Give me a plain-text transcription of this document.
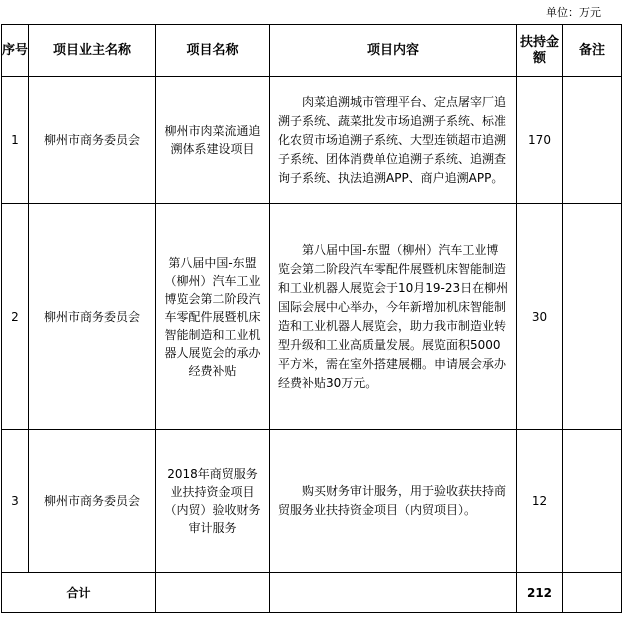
单位：万元
序号	项目业主名称	项目名称	项目内容	扶持金额	备注
1	柳州市商务委员会	柳州市肉菜流通追溯体系建设项目	肉菜追溯城市管理平台、定点屠宰厂追溯子系统、蔬菜批发市场追溯子系统、标准化农贸市场追溯子系统、大型连锁超市追溯子系统、团体消费单位追溯子系统、追溯查询子系统、执法追溯APP、商户追溯APP。	170	
2	柳州市商务委员会	第八届中国-东盟（柳州）汽车工业博览会第二阶段汽车零配件展暨机床智能制造和工业机器人展览会的承办经费补贴	第八届中国-东盟（柳州）汽车工业博览会第二阶段汽车零配件展暨机床智能制造和工业机器人展览会于10月19-23日在柳州国际会展中心举办，今年新增加机床智能制造和工业机器人展览会，助力我市制造业转型升级和工业高质量发展。展览面积5000平方米，需在室外搭建展棚。申请展会承办经费补贴30万元。	30	
3	柳州市商务委员会	2018年商贸服务业扶持资金项目（内贸）验收财务审计服务	购买财务审计服务，用于验收获扶持商贸服务业扶持资金项目（内贸项目）。	12	
合计				212	
